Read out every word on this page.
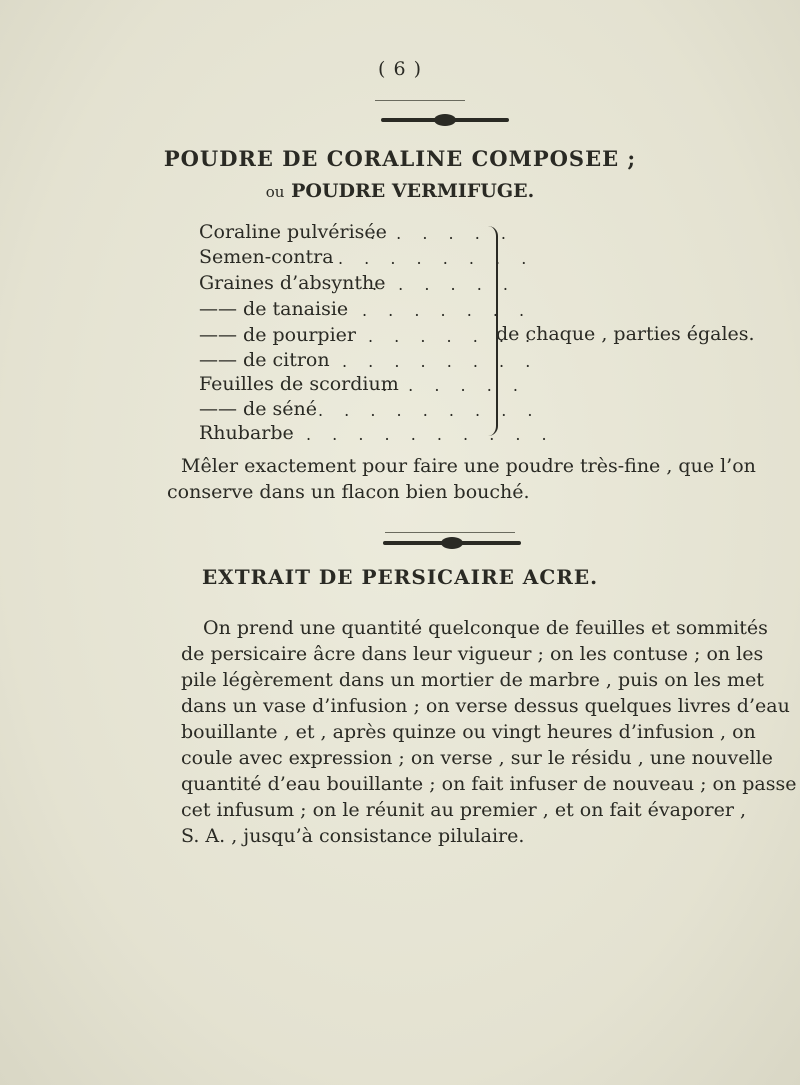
( 6 )
POUDRE DE CORALINE COMPOSEE ;
ou POUDRE VERMIFUGE.
Coraline pulvérisée
Semen-contra
Graines d’absynthe
—— de tanaisie
—— de pourpier
—— de citron
Feuilles de scordium
—— de séné
Rhubarbe
. . . . . .
. . . . . . . .
. . . . . .
. . . . . . .
. . . . . . .
. . . . . . . .
. . . . . .
. . . . . . . . .
. . . . . . . . . .
de chaque , parties égales.
Mêler exactement pour faire une poudre très-fine , que l’on
conserve dans un flacon bien bouché.
EXTRAIT DE PERSICAIRE ACRE.
On prend une quantité quelconque de feuilles et sommités
de persicaire âcre dans leur vigueur ; on les contuse ; on les
pile légèrement dans un mortier de marbre , puis on les met
dans un vase d’infusion ; on verse dessus quelques livres d’eau
bouillante , et , après quinze ou vingt heures d’infusion , on
coule avec expression ; on verse , sur le résidu , une nouvelle
quantité d’eau bouillante ; on fait infuser de nouveau ; on passe
cet infusum ; on le réunit au premier , et on fait évaporer ,
S. A. , jusqu’à consistance pilulaire.
